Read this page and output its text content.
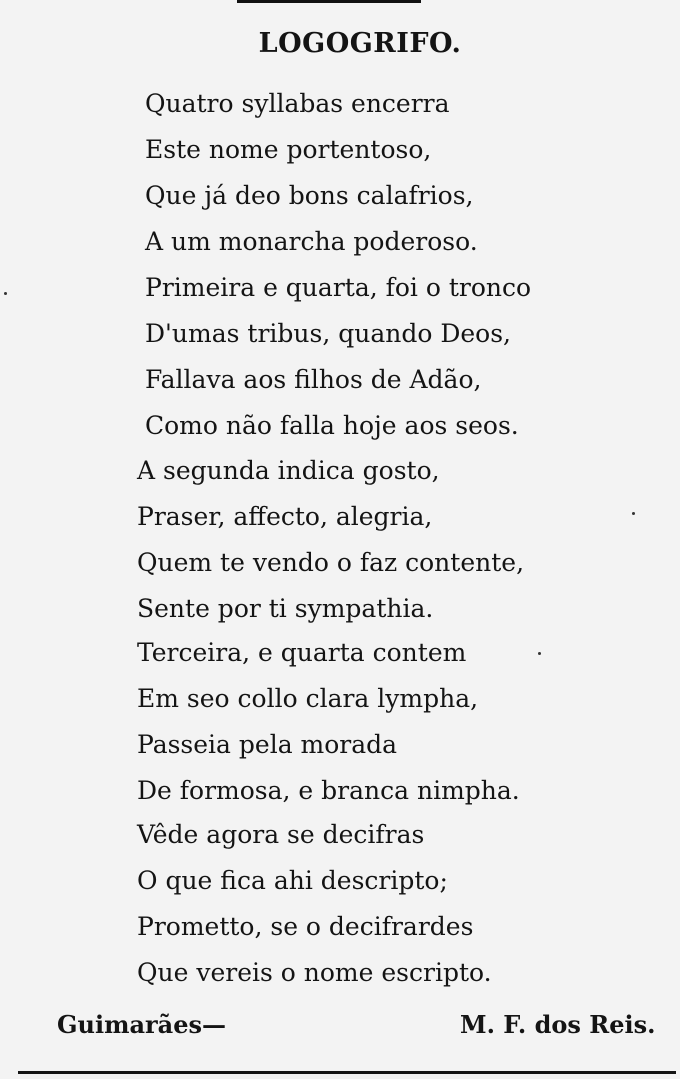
LOGOGRIFO.
Quatro syllabas encerra
Este nome portentoso,
Que já deo bons calafrios,
A um monarcha poderoso.
Primeira e quarta, foi o tronco
D'umas tribus, quando Deos,
Fallava aos filhos de Adão,
Como não falla hoje aos seos.
A segunda indica gosto,
Praser, affecto, alegria,
Quem te vendo o faz contente,
Sente por ti sympathia.
Terceira, e quarta contem
Em seo collo clara lympha,
Passeia pela morada
De formosa, e branca nimpha.
Vêde agora se decifras
O que fica ahi descripto;
Prometto, se o decifrardes
Que vereis o nome escripto.

Guimarães—	M. F. dos Reis.
